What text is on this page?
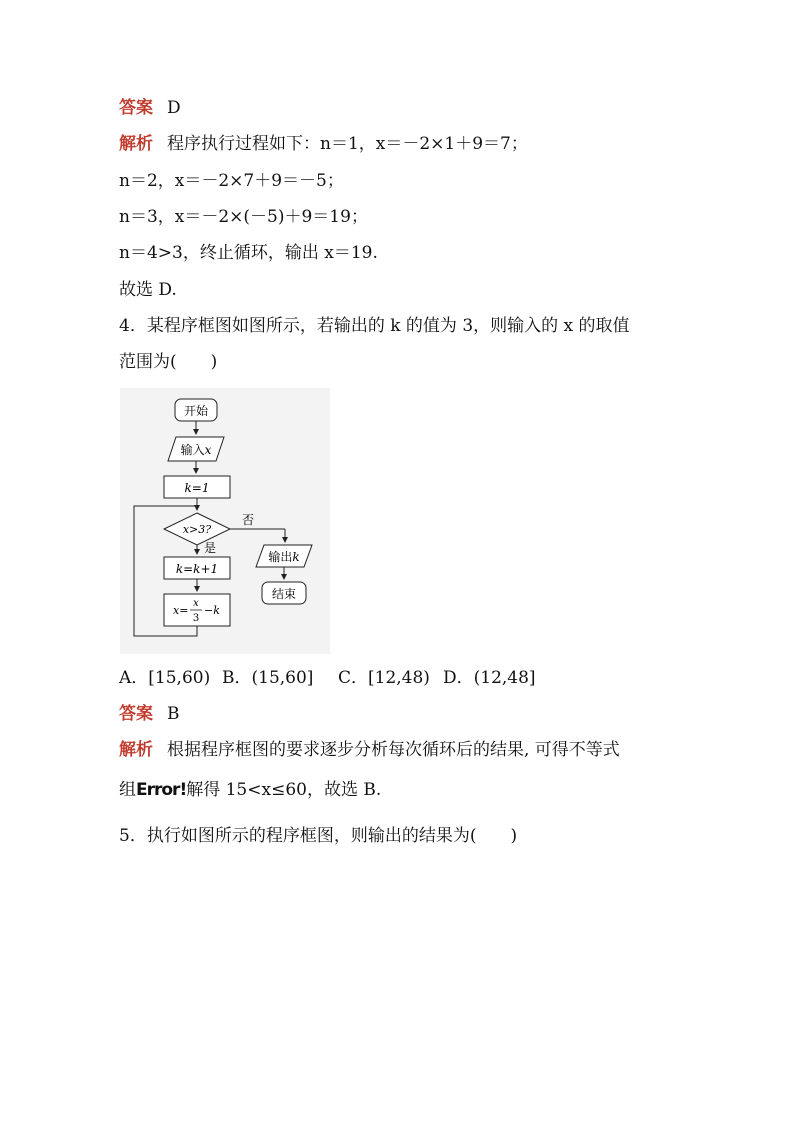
答案 D
解析 程序执行过程如下：n＝1，x＝－2×1＋9＝7；
n＝2，x＝－2×7＋9＝－5；
n＝3，x＝－2×(－5)＋9＝19；
n＝4>3，终止循环，输出 x＝19.
故选 D.
4．某程序框图如图所示，若输出的 k 的值为 3，则输入的 x 的取值
范围为(　　)
开始
输入x
k=1
x>3?
否
输出k
结束
是
k=k+1
x=
x
3
−k
A．[15,60) B．(15,60] C．[12,48) D．(12,48]
答案 B
解析 根据程序框图的要求逐步分析每次循环后的结果, 可得不等式
组Error!解得 15<x≤60，故选 B.
5．执行如图所示的程序框图，则输出的结果为(　　)
